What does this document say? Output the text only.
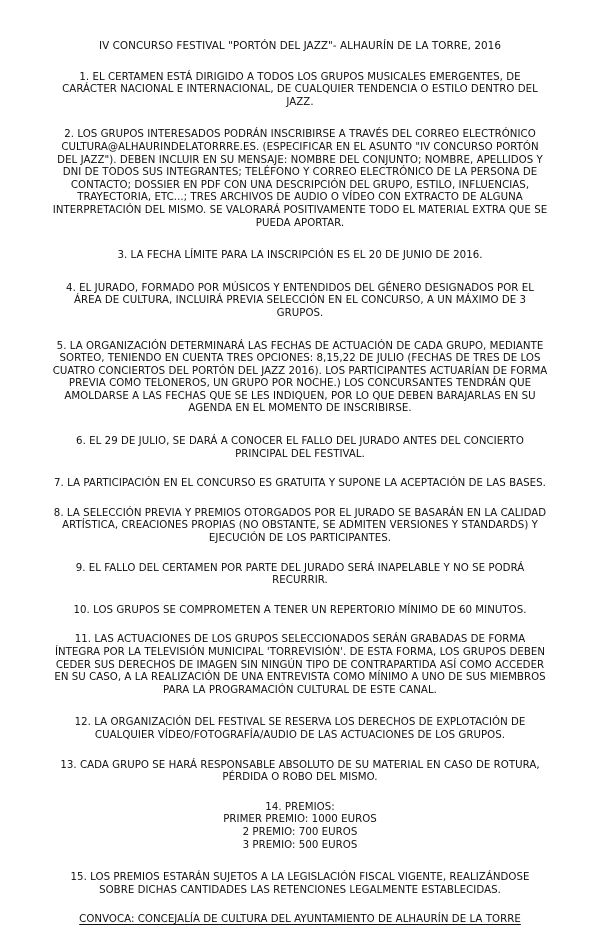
IV CONCURSO FESTIVAL "PORTÓN DEL JAZZ"- ALHAURÍN DE LA TORRE, 2016
1. EL CERTAMEN ESTÁ DIRIGIDO A TODOS LOS GRUPOS MUSICALES EMERGENTES, DE CARÁCTER NACIONAL E INTERNACIONAL, DE CUALQUIER TENDENCIA O ESTILO DENTRO DEL JAZZ.
2. LOS GRUPOS INTERESADOS PODRÁN INSCRIBIRSE A TRAVÉS DEL CORREO ELECTRÓNICO CULTURA@ALHAURINDELATORRRE.ES. (ESPECIFICAR EN EL ASUNTO "IV CONCURSO PORTÓN DEL JAZZ"). DEBEN INCLUIR EN SU MENSAJE: NOMBRE DEL CONJUNTO; NOMBRE, APELLIDOS Y DNI DE TODOS SUS INTEGRANTES; TELÉFONO Y CORREO ELECTRÓNICO DE LA PERSONA DE CONTACTO; DOSSIER EN PDF CON UNA DESCRIPCIÓN DEL GRUPO, ESTILO, INFLUENCIAS, TRAYECTORIA, ETC...; TRES ARCHIVOS DE AUDIO O VÍDEO CON EXTRACTO DE ALGUNA INTERPRETACIÓN DEL MISMO. SE VALORARÁ POSITIVAMENTE TODO EL MATERIAL EXTRA QUE SE PUEDA APORTAR.
3. LA FECHA LÍMITE PARA LA INSCRIPCIÓN ES EL 20 DE JUNIO DE 2016.
4. EL JURADO, FORMADO POR MÚSICOS Y ENTENDIDOS DEL GÉNERO DESIGNADOS POR EL ÁREA DE CULTURA, INCLUIRÁ PREVIA SELECCIÓN EN EL CONCURSO, A UN MÁXIMO DE 3 GRUPOS.
5. LA ORGANIZACIÓN DETERMINARÁ LAS FECHAS DE ACTUACIÓN DE CADA GRUPO, MEDIANTE SORTEO, TENIENDO EN CUENTA TRES OPCIONES: 8,15,22 DE JULIO (FECHAS DE TRES DE LOS CUATRO CONCIERTOS DEL PORTÓN DEL JAZZ 2016). LOS PARTICIPANTES ACTUARÍAN DE FORMA PREVIA COMO TELONEROS, UN GRUPO POR NOCHE.) LOS CONCURSANTES TENDRÁN QUE AMOLDARSE A LAS FECHAS QUE SE LES INDIQUEN, POR LO QUE DEBEN BARAJARLAS EN SU AGENDA EN EL MOMENTO DE INSCRIBIRSE.
6. EL 29 DE JULIO, SE DARÁ A CONOCER EL FALLO DEL JURADO ANTES DEL CONCIERTO PRINCIPAL DEL FESTIVAL.
7. LA PARTICIPACIÓN EN EL CONCURSO ES GRATUITA Y SUPONE LA ACEPTACIÓN DE LAS BASES.
8. LA SELECCIÓN PREVIA Y PREMIOS OTORGADOS POR EL JURADO SE BASARÁN EN LA CALIDAD ARTÍSTICA, CREACIONES PROPIAS (NO OBSTANTE, SE ADMITEN VERSIONES Y STANDARDS) Y EJECUCIÓN DE LOS PARTICIPANTES.
9. EL FALLO DEL CERTAMEN POR PARTE DEL JURADO SERÁ INAPELABLE Y NO SE PODRÁ RECURRIR.
10. LOS GRUPOS SE COMPROMETEN A TENER UN REPERTORIO MÍNIMO DE 60 MINUTOS.
11. LAS ACTUACIONES DE LOS GRUPOS SELECCIONADOS SERÁN GRABADAS DE FORMA ÍNTEGRA POR LA TELEVISIÓN MUNICIPAL 'TORREVISIÓN'. DE ESTA FORMA, LOS GRUPOS DEBEN CEDER SUS DERECHOS DE IMAGEN SIN NINGÚN TIPO DE CONTRAPARTIDA ASÍ COMO ACCEDER EN SU CASO, A LA REALIZACIÓN DE UNA ENTREVISTA COMO MÍNIMO A UNO DE SUS MIEMBROS PARA LA PROGRAMACIÓN CULTURAL DE ESTE CANAL.
12. LA ORGANIZACIÓN DEL FESTIVAL SE RESERVA LOS DERECHOS DE EXPLOTACIÓN DE CUALQUIER VÍDEO/FOTOGRAFÍA/AUDIO DE LAS ACTUACIONES DE LOS GRUPOS.
13. CADA GRUPO SE HARÁ RESPONSABLE ABSOLUTO DE SU MATERIAL EN CASO DE ROTURA, PÉRDIDA O ROBO DEL MISMO.
14. PREMIOS:
PRIMER PREMIO: 1000 EUROS
2 PREMIO: 700 EUROS
3 PREMIO: 500 EUROS
15. LOS PREMIOS ESTARÁN SUJETOS A LA LEGISLACIÓN FISCAL VIGENTE, REALIZÁNDOSE SOBRE DICHAS CANTIDADES LAS RETENCIONES LEGALMENTE ESTABLECIDAS.
CONVOCA: CONCEJALÍA DE CULTURA DEL AYUNTAMIENTO DE ALHAURÍN DE LA TORRE
